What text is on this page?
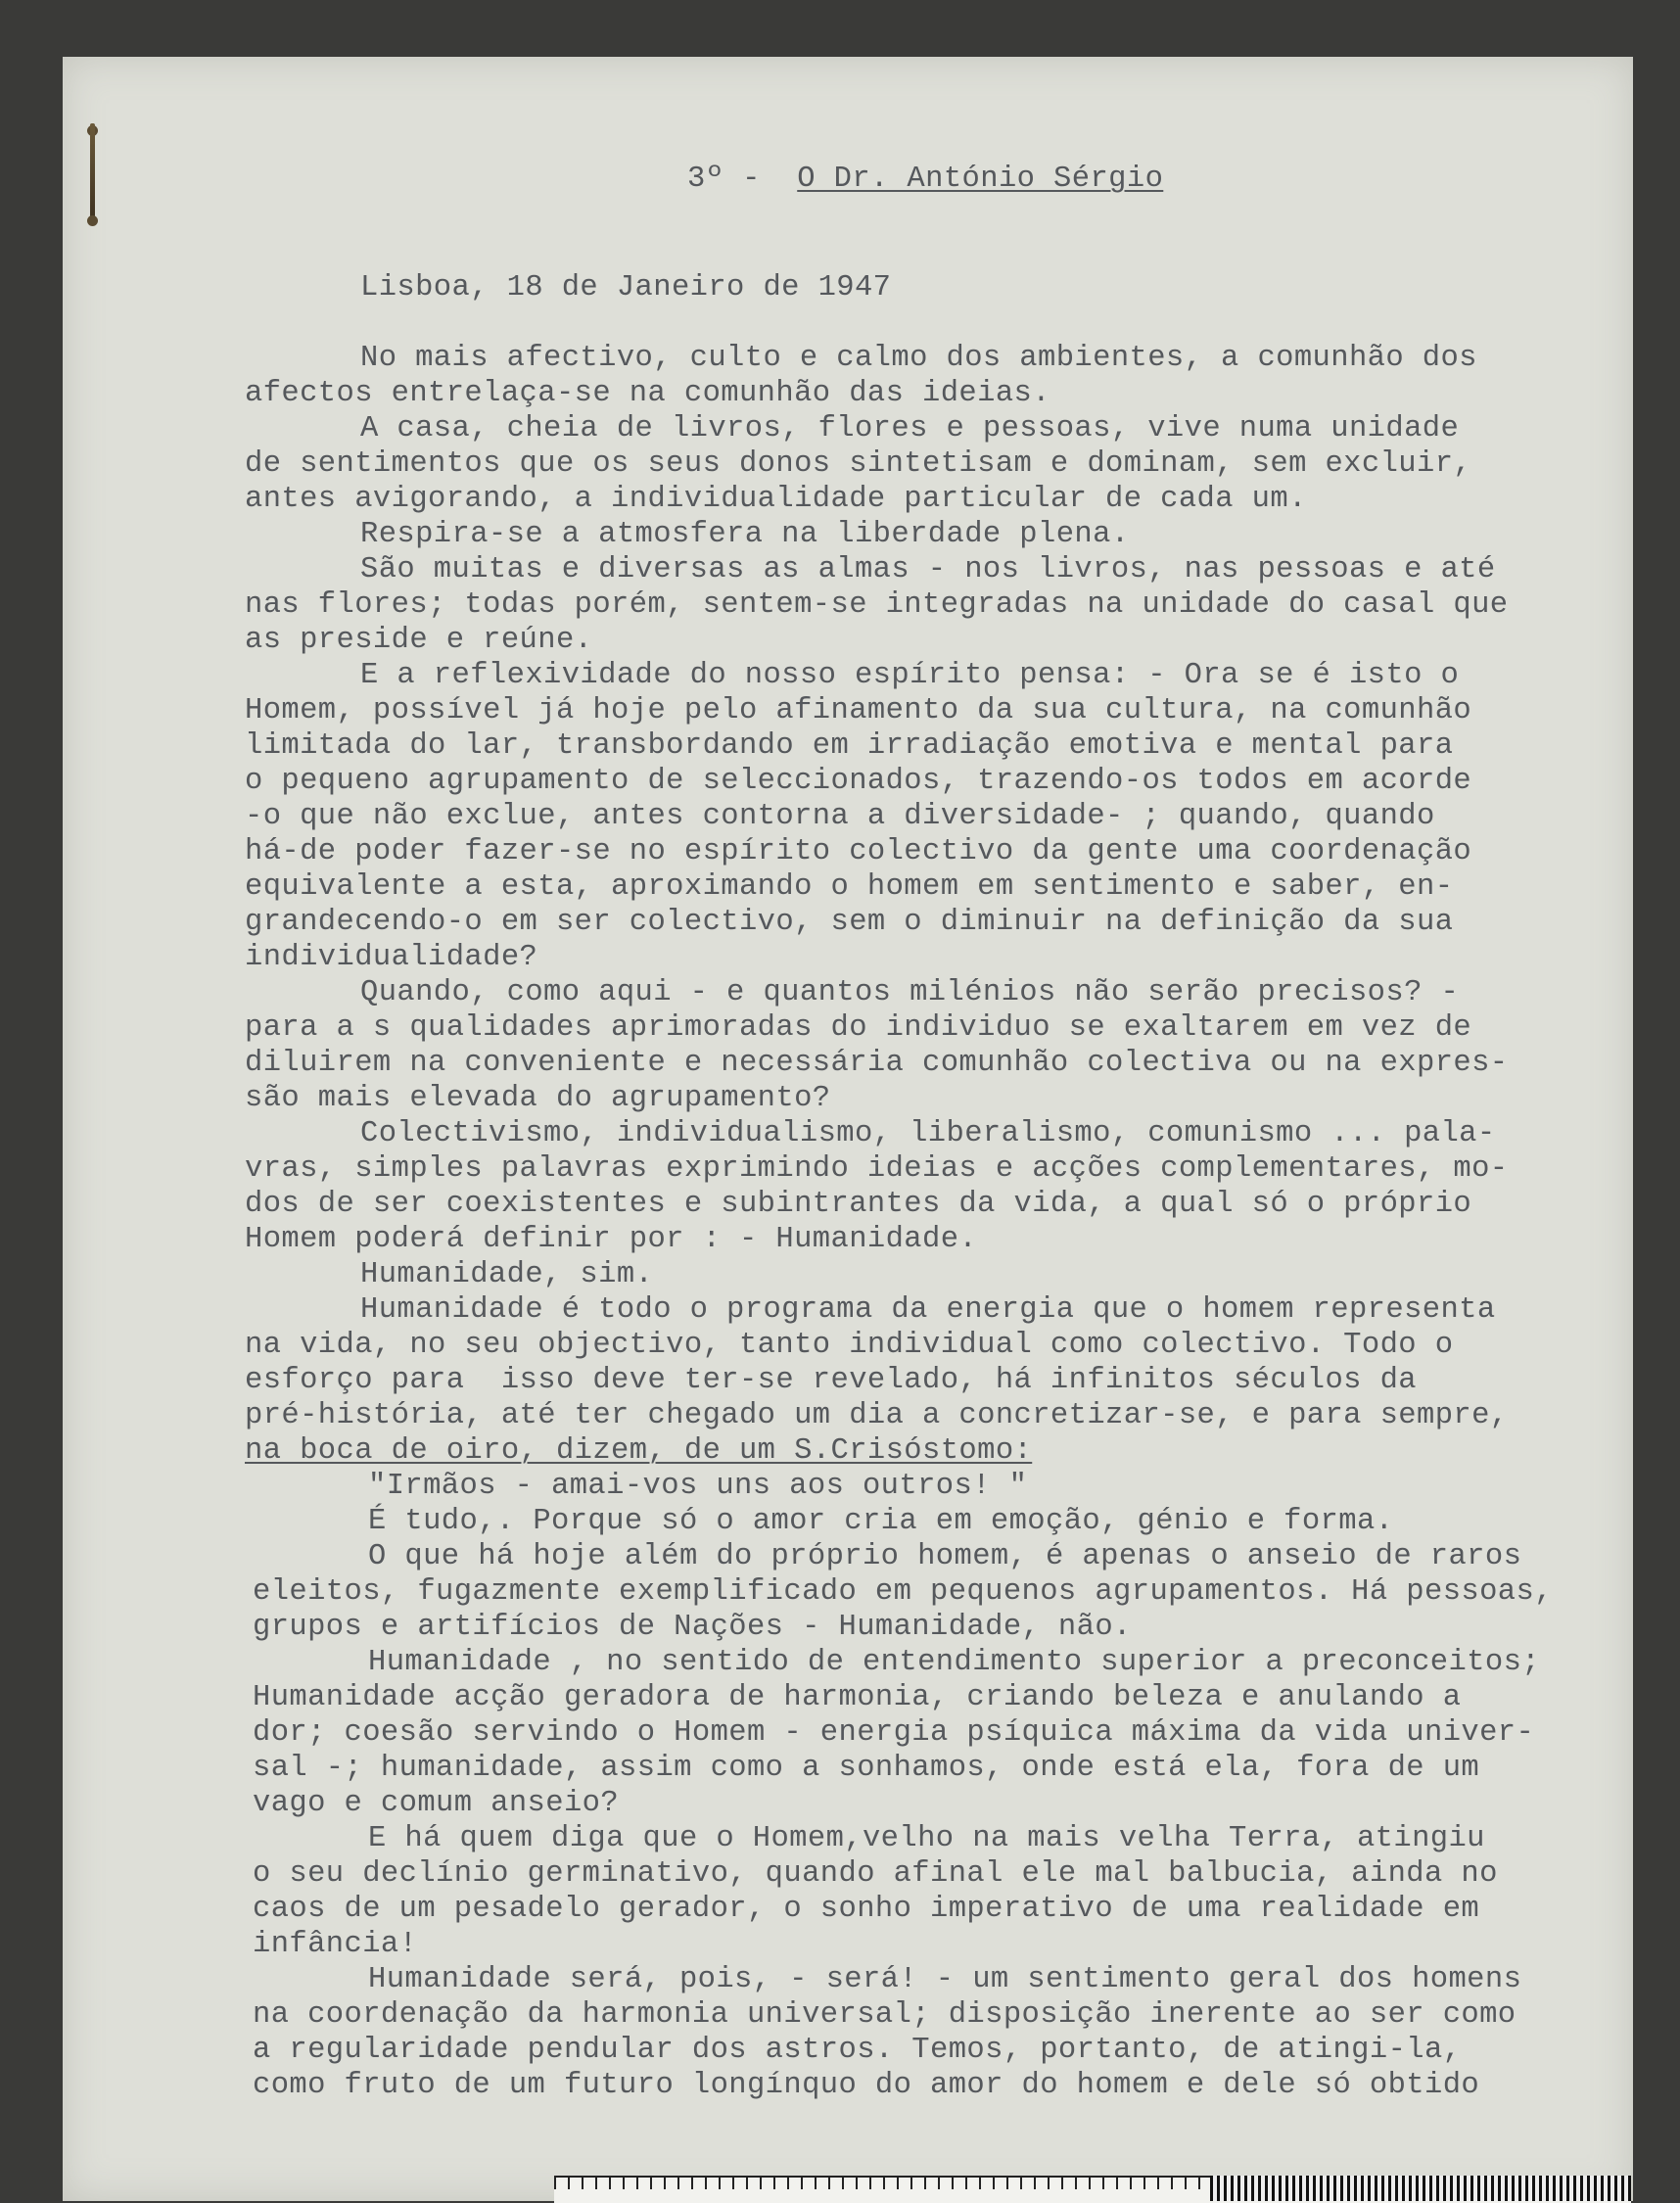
3º - O Dr. António Sérgio

Lisboa, 18 de Janeiro de 1947

No mais afectivo, culto e calmo dos ambientes, a comunhão dos

afectos entrelaça-se na comunhão das ideias.

A casa, cheia de livros, flores e pessoas, vive numa unidade

de sentimentos que os seus donos sintetisam e dominam, sem excluir,

antes avigorando, a individualidade particular de cada um.

Respira-se a atmosfera na liberdade plena.

São muitas e diversas as almas - nos livros, nas pessoas e até

nas flores; todas porém, sentem-se integradas na unidade do casal que

as preside e reúne.

E a reflexividade do nosso espírito pensa: - Ora se é isto o

Homem, possível já hoje pelo afinamento da sua cultura, na comunhão

limitada do lar, transbordando em irradiação emotiva e mental para

o pequeno agrupamento de seleccionados, trazendo-os todos em acorde

-o que não exclue, antes contorna a diversidade- ; quando, quando

há-de poder fazer-se no espírito colectivo da gente uma coordenação

equivalente a esta, aproximando o homem em sentimento e saber, en-

grandecendo-o em ser colectivo, sem o diminuir na definição da sua

individualidade?

Quando, como aqui - e quantos milénios não serão precisos? -

para a s qualidades aprimoradas do individuo se exaltarem em vez de

diluirem na conveniente e necessária comunhão colectiva ou na expres-

são mais elevada do agrupamento?

Colectivismo, individualismo, liberalismo, comunismo ... pala-

vras, simples palavras exprimindo ideias e acções complementares, mo-

dos de ser coexistentes e subintrantes da vida, a qual só o próprio

Homem poderá definir por : - Humanidade.

Humanidade, sim.

Humanidade é todo o programa da energia que o homem representa

na vida, no seu objectivo, tanto individual como colectivo. Todo o

esforço para  isso deve ter-se revelado, há infinitos séculos da

pré-história, até ter chegado um dia a concretizar-se, e para sempre,

na boca de oiro, dizem, de um S.Crisóstomo:

"Irmãos - amai-vos uns aos outros! "

É tudo,. Porque só o amor cria em emoção, génio e forma.

O que há hoje além do próprio homem, é apenas o anseio de raros

eleitos, fugazmente exemplificado em pequenos agrupamentos. Há pessoas,

grupos e artifícios de Nações - Humanidade, não.

Humanidade , no sentido de entendimento superior a preconceitos;

Humanidade acção geradora de harmonia, criando beleza e anulando a

dor; coesão servindo o Homem - energia psíquica máxima da vida univer-

sal -; humanidade, assim como a sonhamos, onde está ela, fora de um

vago e comum anseio?

E há quem diga que o Homem,velho na mais velha Terra, atingiu

o seu declínio germinativo, quando afinal ele mal balbucia, ainda no

caos de um pesadelo gerador, o sonho imperativo de uma realidade em

infância!

Humanidade será, pois, - será! - um sentimento geral dos homens

na coordenação da harmonia universal; disposição inerente ao ser como

a regularidade pendular dos astros. Temos, portanto, de atingi-la,

como fruto de um futuro longínquo do amor do homem e dele só obtido
